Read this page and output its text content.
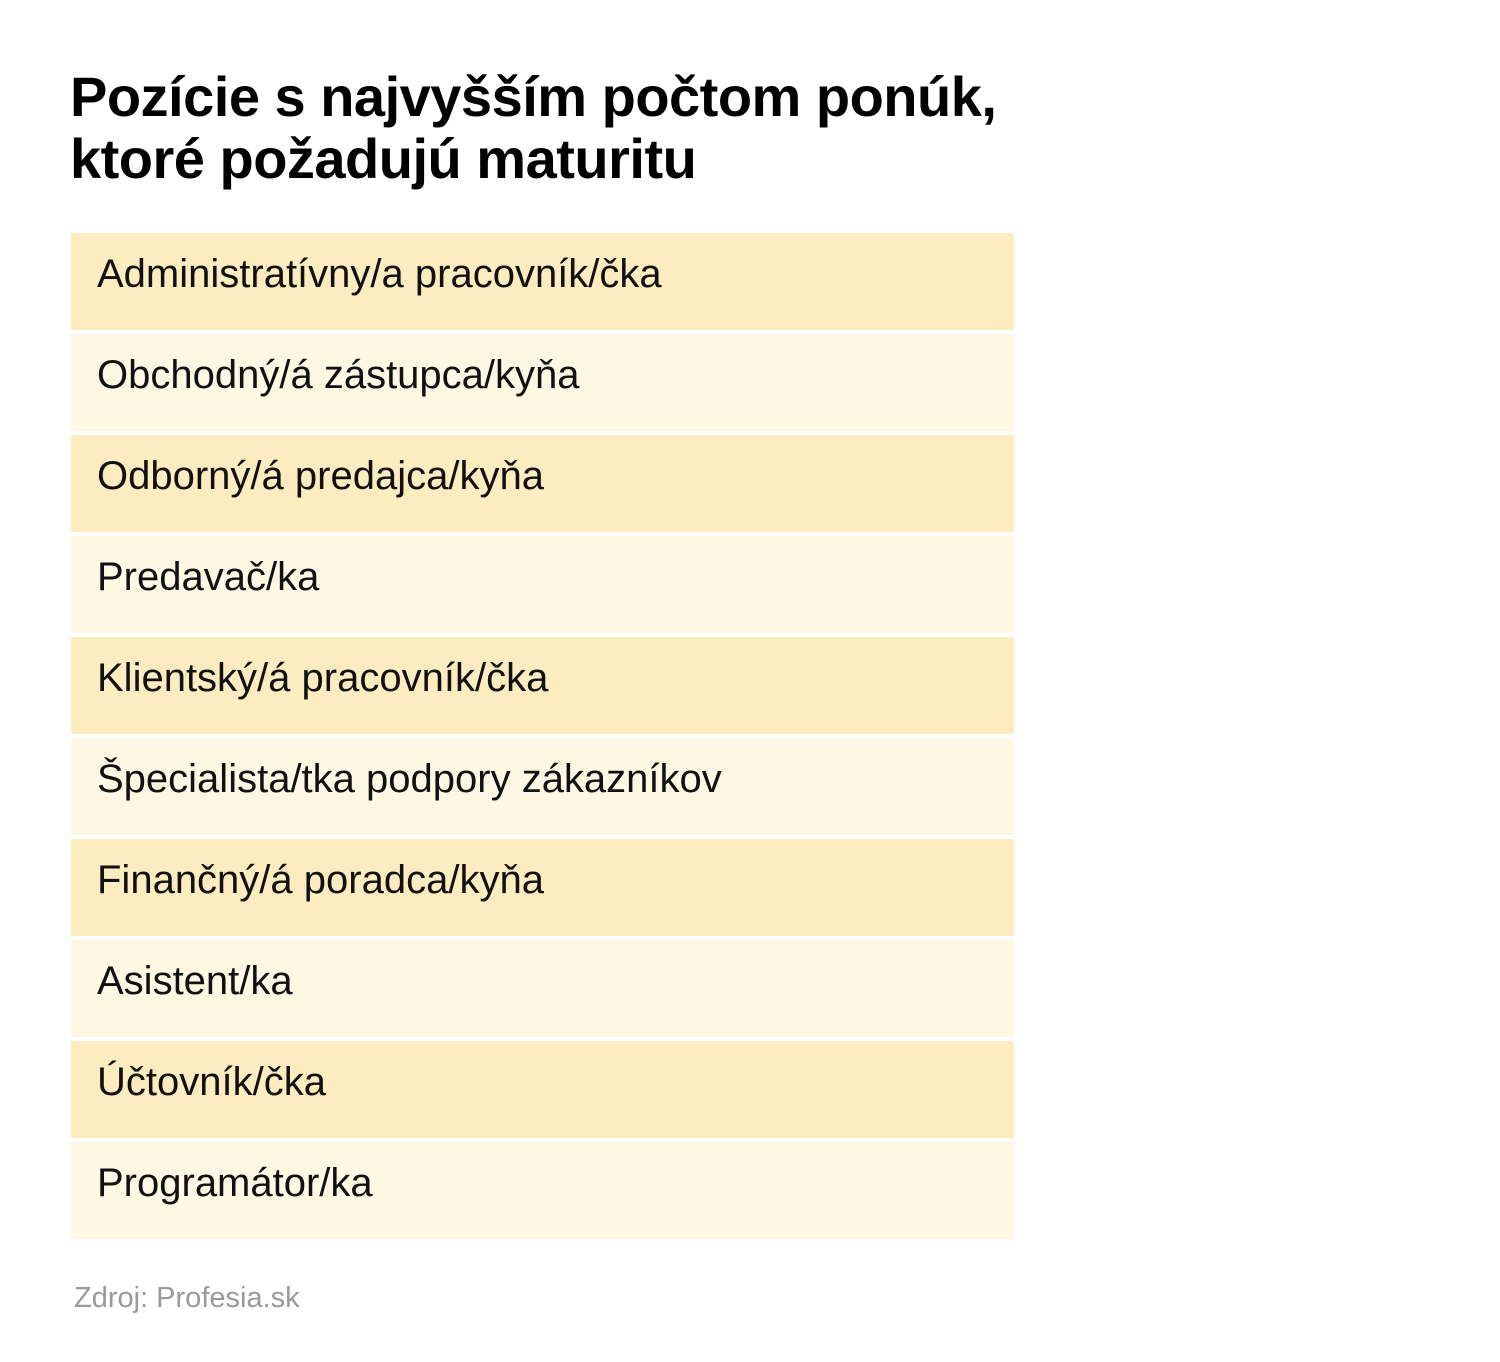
Pozície s najvyšším počtom ponúk,
ktoré požadujú maturitu
Administratívny/a pracovník/čka
Obchodný/á zástupca/kyňa
Odborný/á predajca/kyňa
Predavač/ka
Klientský/á pracovník/čka
Špecialista/tka podpory zákazníkov
Finančný/á poradca/kyňa
Asistent/ka
Účtovník/čka
Programátor/ka
Zdroj: Profesia.sk
